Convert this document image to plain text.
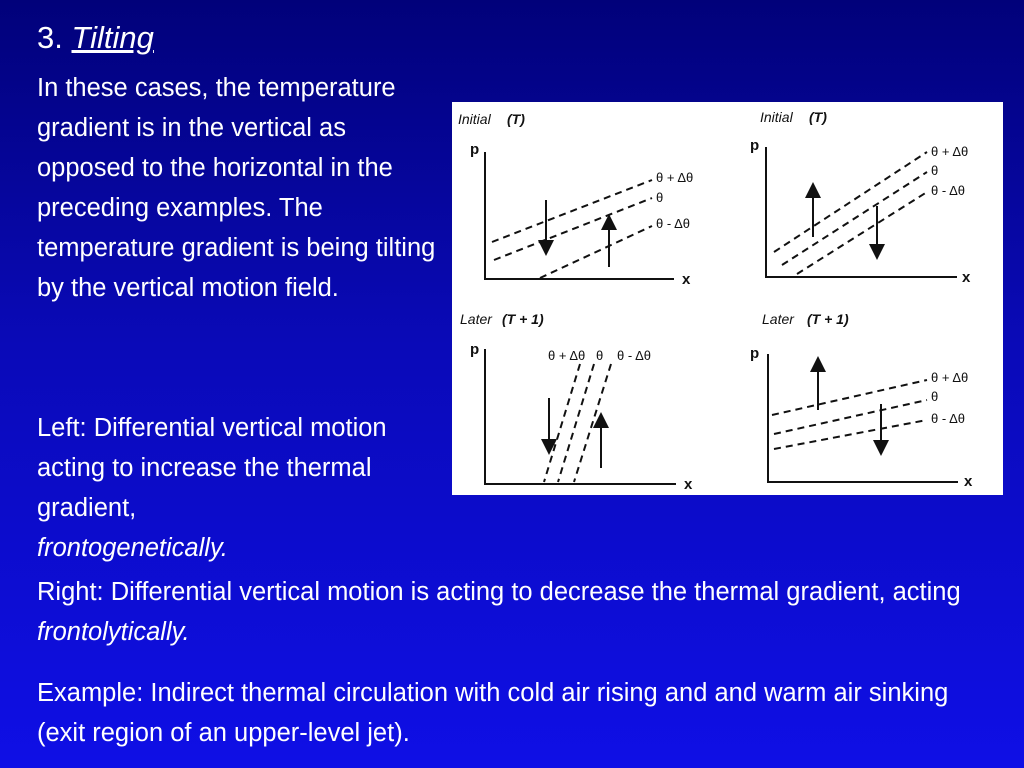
3. Tilting

In these cases, the temperature gradient is in the vertical as opposed to the horizontal in the preceding examples. The temperature gradient is being tilting by the vertical motion field.

Left: Differential vertical motion acting to increase the thermal gradient,
frontogenetically.

Right: Differential vertical motion is acting to decrease the thermal gradient, acting frontolytically.

Example: Indirect thermal circulation with cold air rising and and warm air sinking (exit region of an upper-level jet).

Initial (T)
p
x
θ + Δθ
θ
θ - Δθ
Initial (T)
p
x
θ + Δθ
θ
θ - Δθ
Later (T + 1)
p
x
θ + Δθ θ θ - Δθ
Later (T + 1)
p
x
θ + Δθ
θ
θ - Δθ
